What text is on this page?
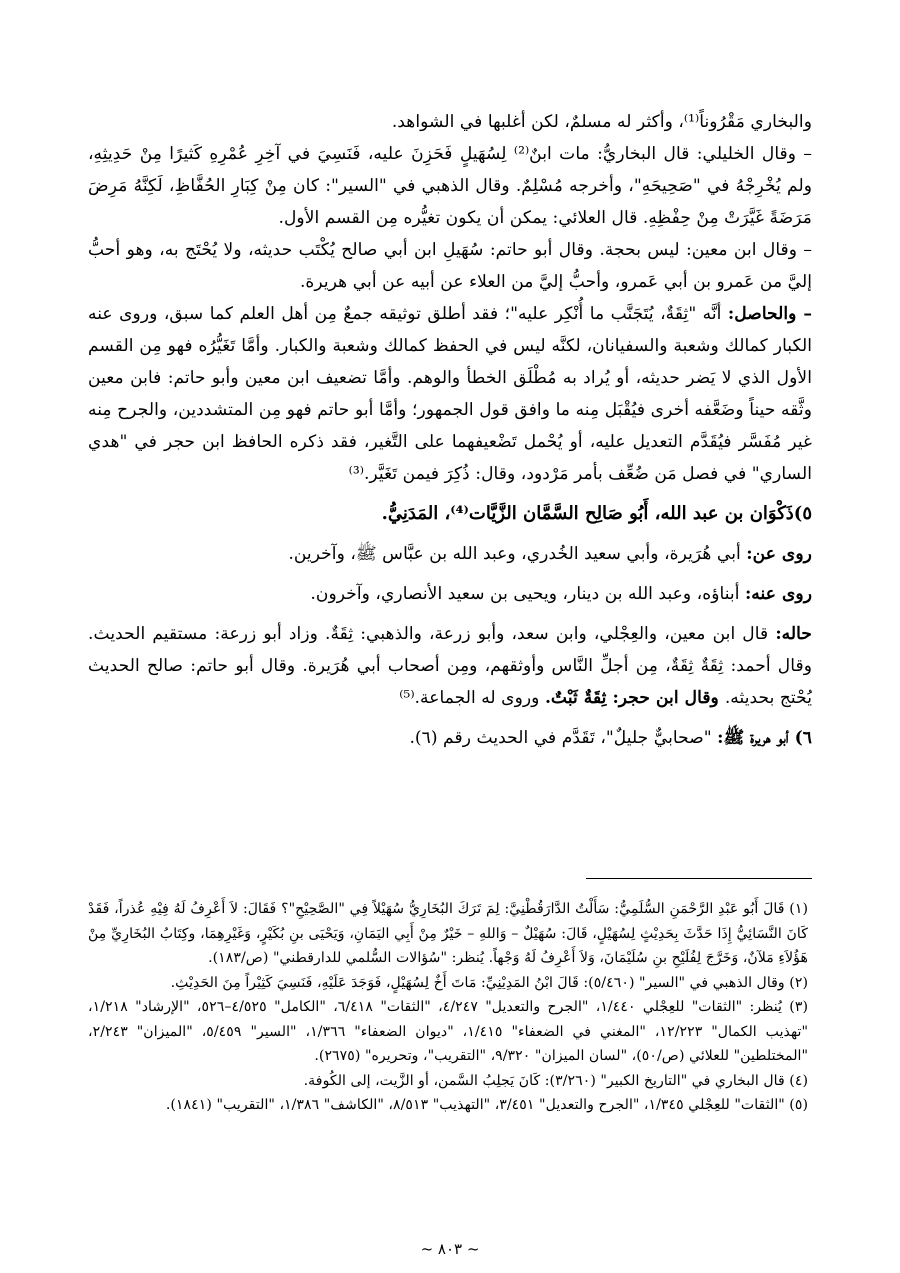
والبخاري مَقْرُوناً⁽¹⁾، وأكثر له مسلمٌ، لكن أغلبها في الشواهد.

– وقال الخليلي: قال البخاريُّ: مات ابنٌ⁽²⁾ لِسُهَيلٍ فَحَزِنَ عليه، فَنَسِيَ في آخِرِ عُمْرِهِ كَثيرًا مِنْ حَدِيثِهِ، ولم يُخْرِجْهُ في "صَحِيحَهِ"، وأخرجه مُسْلِمٌ. وقال الذهبي في "السير": كان مِنْ كِبَارِ الحُفَّاظِ، لَكِنَّهُ مَرِضَ مَرَضَةً غَيَّرَتْ مِنْ حِفْظِهِ. قال العلائي: يمكن أن يكون تغيُّره مِن القسم الأول.

– وقال ابن معين: ليس بحجة. وقال أبو حاتم: سُهَيلِ ابن أبي صالح يُكْتَب حديثه، ولا يُحْتَج به، وهو أحبُّ إليَّ من عَمرو بن أبي عَمرو، وأحبُّ إليَّ من العلاء عن أبيه عن أبي هريرة.

– والحاصل: أنَّه "ثِقَةٌ، يُتَجَنَّب ما أُنْكِر عليه"؛ فقد أطلق توثيقه جمعٌ مِن أهل العلم كما سبق، وروى عنه الكبار كمالك وشعبة والسفيانان، لكنَّه ليس في الحفظ كمالك وشعبة والكبار. وأمَّا تَغَيُّرُه فهو مِن القسم الأول الذي لا يَضر حديثه، أو يُراد به مُطْلَق الخطأ والوهم. وأمَّا تضعيف ابن معين وأبو حاتم: فابن معين وثَّقه حيناً وضَعَّفه أخرى فيُقْبَل مِنه ما وافق قول الجمهور؛ وأمَّا أبو حاتم فهو مِن المتشددين، والجرح مِنه غير مُفَسَّر فيُقَدَّم التعديل عليه، أو يُحْمل تَضْعيفهما على التَّغير، فقد ذكره الحافظ ابن حجر في "هدي الساري" في فصل مَن ضُعِّف بأمر مَرْدود، وقال: ذُكِرَ فيمن تَغَيَّر.⁽³⁾

٥)ذَكْوَان بن عبد الله، أَبُو صَالِح السَّمَّان الزَّيَّات⁽⁴⁾، المَدَنِيُّ.

روى عن: أبي هُرَيرة، وأبي سعيد الخُدري، وعبد الله بن عبَّاس ﷺ، وآخرين.

روى عنه: أبناؤه، وعبد الله بن دينار، ويحيى بن سعيد الأنصاري، وآخرون.

حاله: قال ابن معين، والعِجْلي، وابن سعد، وأبو زرعة، والذهبي: ثِقَةٌ. وزاد أبو زرعة: مستقيم الحديث. وقال أحمد: ثِقَةٌ ثِقَةٌ، مِن أجلِّ النَّاس وأوثقهم، ومِن أصحاب أبي هُرَيرة. وقال أبو حاتم: صالح الحديث يُحْتج بحديثه. وقال ابن حجر: ثِقَةٌ ثَبْتٌ. وروى له الجماعة.⁽⁵⁾

٦) أبو هريرة ﷺ: "صحابيٌّ جليلٌ"، تَقَدَّم في الحديث رقم (٦).

(١) قَالَ أَبُو عَبْدِ الرَّحْمَنِ السُّلَمِيُّ: سَأَلْتُ الدَّارَقُطْنِيَّ: لِمَ تَرَكَ البُخَارِيُّ سُهَيْلاً فِي "الصَّحِيْحِ"؟ فَقَالَ: لاَ أَعْرِفُ لَهُ فِيْهِ عُذراً، فَقَدْ كَانَ النَّسَائِيُّ إِذَا حَدَّثَ بِحَدِيْثٍ لِسُهَيْلٍ، قَالَ: سُهَيْلٌ – وَاللهِ – خَيْرٌ مِنْ أَبِي اليَمَانِ، وَيَحْيَى بنِ بُكَيْرٍ، وَغَيْرِهِمَا، وكِتَابُ البُخَارِيِّ مِنْ هَؤُلاَءِ مَلآنٌ، وَخَرَّجَ لِفُلَيْحِ بنِ سُلَيْمَانَ، وَلاَ أَعْرِفُ لَهُ وَجْهاً. يُنظر: "سُؤالات السُّلمي للدارقطني" (ص/١٨٣).

(٢) وقال الذهبي في "السير" (٥/٤٦٠): قَالَ ابْنُ المَدِيْنِيِّ: مَاتَ أَخٌ لِسُهَيْلٍ، فَوَجَدَ عَلَيْهِ، فَنَسِيَ كَثِيْراً مِنَ الحَدِيْثِ.

(٣) يُنظر: "الثقات" للعِجْلي ١/٤٤٠، "الجرح والتعديل" ٤/٢٤٧، "الثقات" ٦/٤١٨، "الكامل" ٤/٥٢٥–٥٢٦، "الإرشاد" ١/٢١٨، "تهذيب الكمال" ١٢/٢٢٣، "المغني في الضعفاء" ١/٤١٥، "ديوان الضعفاء" ١/٣٦٦، "السير" ٥/٤٥٩، "الميزان" ٢/٢٤٣، "المختلطين" للعلائي (ص/٥٠)، "لسان الميزان" ٩/٣٢٠، "التقريب"، وتحريره" (٢٦٧٥).

(٤) قال البخاري في "التاريخ الكبير" (٣/٢٦٠): كَانَ يَجلِبُ السَّمن، أو الزَّيت، إلى الكُوفة.

(٥) "الثقات" للعِجْلي ١/٣٤٥، "الجرح والتعديل" ٣/٤٥١، "التهذيب" ٨/٥١٣، "الكاشف" ١/٣٨٦، "التقريب" (١٨٤١).

~ ٨٠٣ ~
